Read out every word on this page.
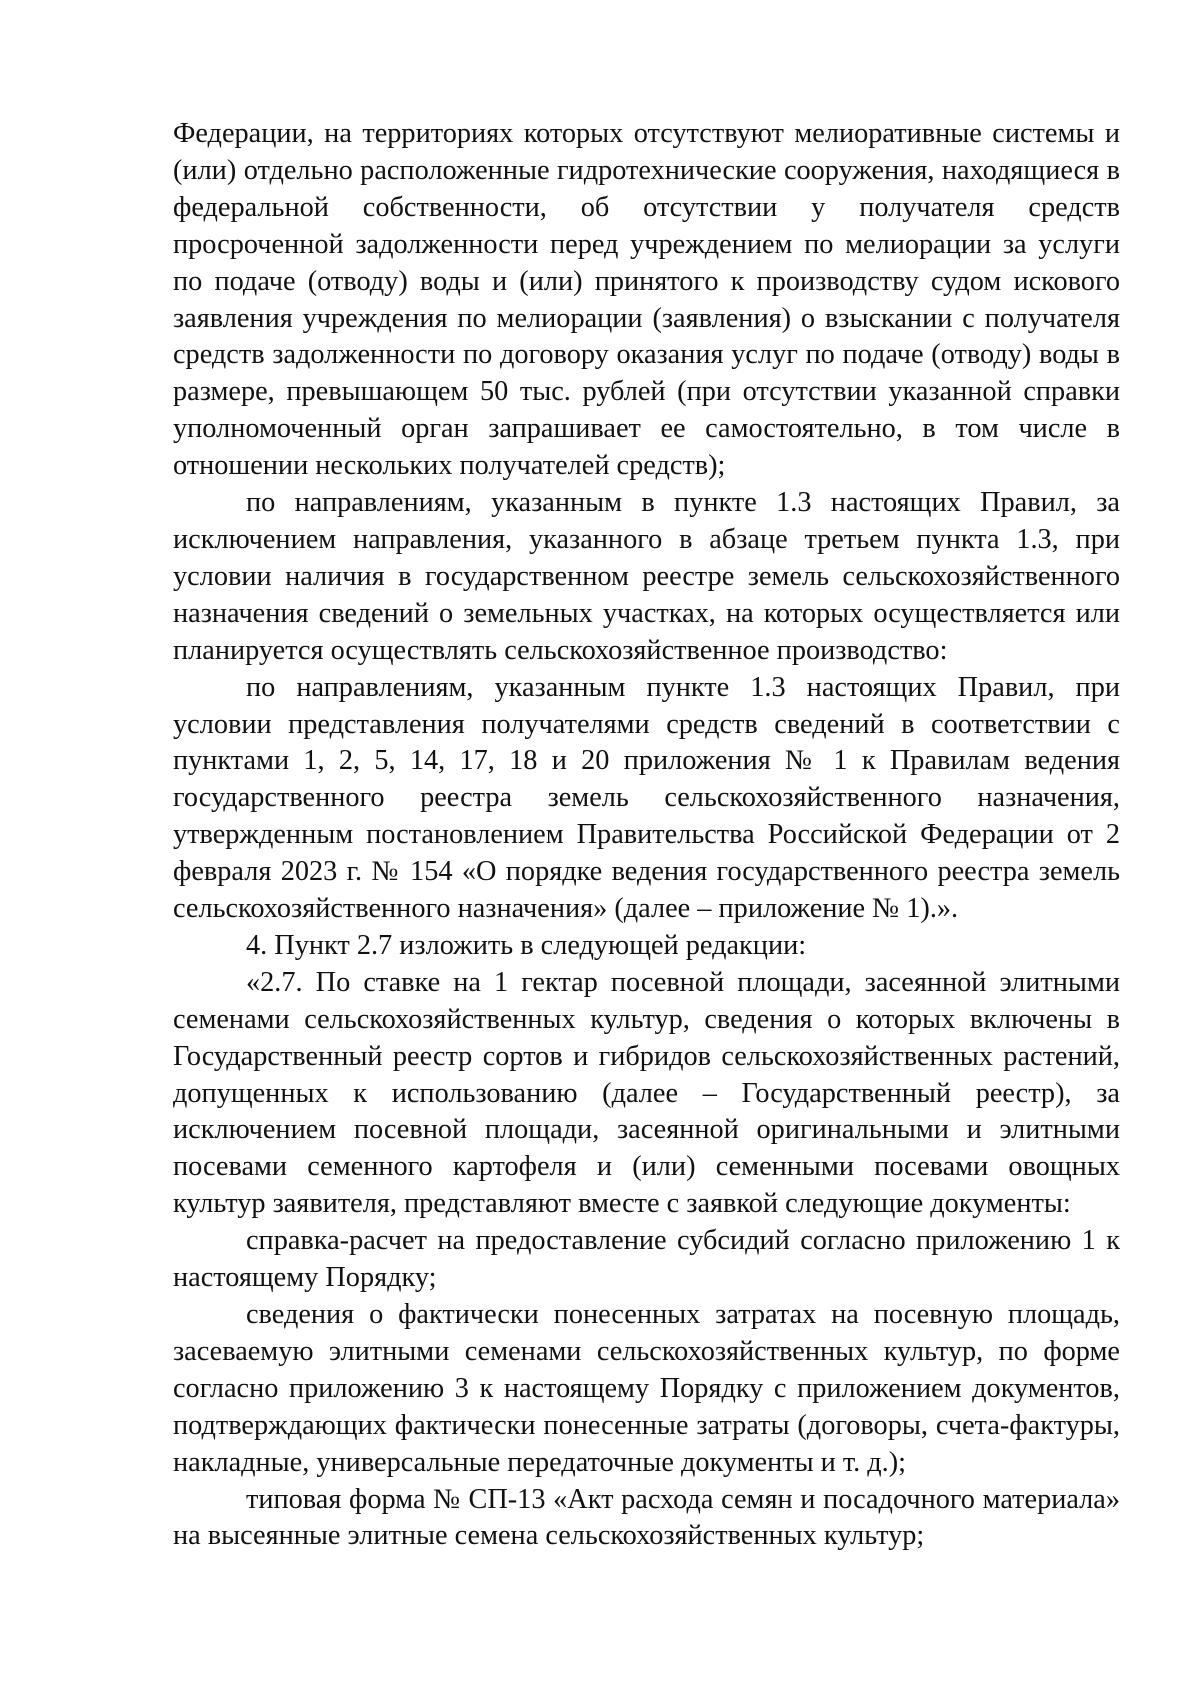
Федерации, на территориях которых отсутствуют мелиоративные системы и (или) отдельно расположенные гидротехнические сооружения, находящиеся в федеральной собственности, об отсутствии у получателя средств просроченной задолженности перед учреждением по мелиорации за услуги по подаче (отводу) воды и (или) принятого к производству судом искового заявления учреждения по мелиорации (заявления) о взыскании с получателя средств задолженности по договору оказания услуг по подаче (отводу) воды в размере, превышающем 50 тыс. рублей (при отсутствии указанной справки уполномоченный орган запрашивает ее самостоятельно, в том числе в отношении нескольких получателей средств);

по направлениям, указанным в пункте 1.3 настоящих Правил, за исключением направления, указанного в абзаце третьем пункта 1.3, при условии наличия в государственном реестре земель сельскохозяйственного назначения сведений о земельных участках, на которых осуществляется или планируется осуществлять сельскохозяйственное производство:

по направлениям, указанным пункте 1.3 настоящих Правил, при условии представления получателями средств сведений в соответствии с пунктами 1, 2, 5, 14, 17, 18 и 20 приложения № 1 к Правилам ведения государственного реестра земель сельскохозяйственного назначения, утвержденным постановлением Правительства Российской Федерации от 2 февраля 2023 г. № 154 «О порядке ведения государственного реестра земель сельскохозяйственного назначения» (далее – приложение № 1).».

4. Пункт 2.7 изложить в следующей редакции:

«2.7. По ставке на 1 гектар посевной площади, засеянной элитными семенами сельскохозяйственных культур, сведения о которых включены в Государственный реестр сортов и гибридов сельскохозяйственных растений, допущенных к использованию (далее – Государственный реестр), за исключением посевной площади, засеянной оригинальными и элитными посевами семенного картофеля и (или) семенными посевами овощных культур заявителя, представляют вместе с заявкой следующие документы:

справка-расчет на предоставление субсидий согласно приложению 1 к настоящему Порядку;

сведения о фактически понесенных затратах на посевную площадь, засеваемую элитными семенами сельскохозяйственных культур, по форме согласно приложению 3 к настоящему Порядку с приложением документов, подтверждающих фактически понесенные затраты (договоры, счета-фактуры, накладные, универсальные передаточные документы и т. д.);

типовая форма № СП-13 «Акт расхода семян и посадочного материала» на высеянные элитные семена сельскохозяйственных культур;
